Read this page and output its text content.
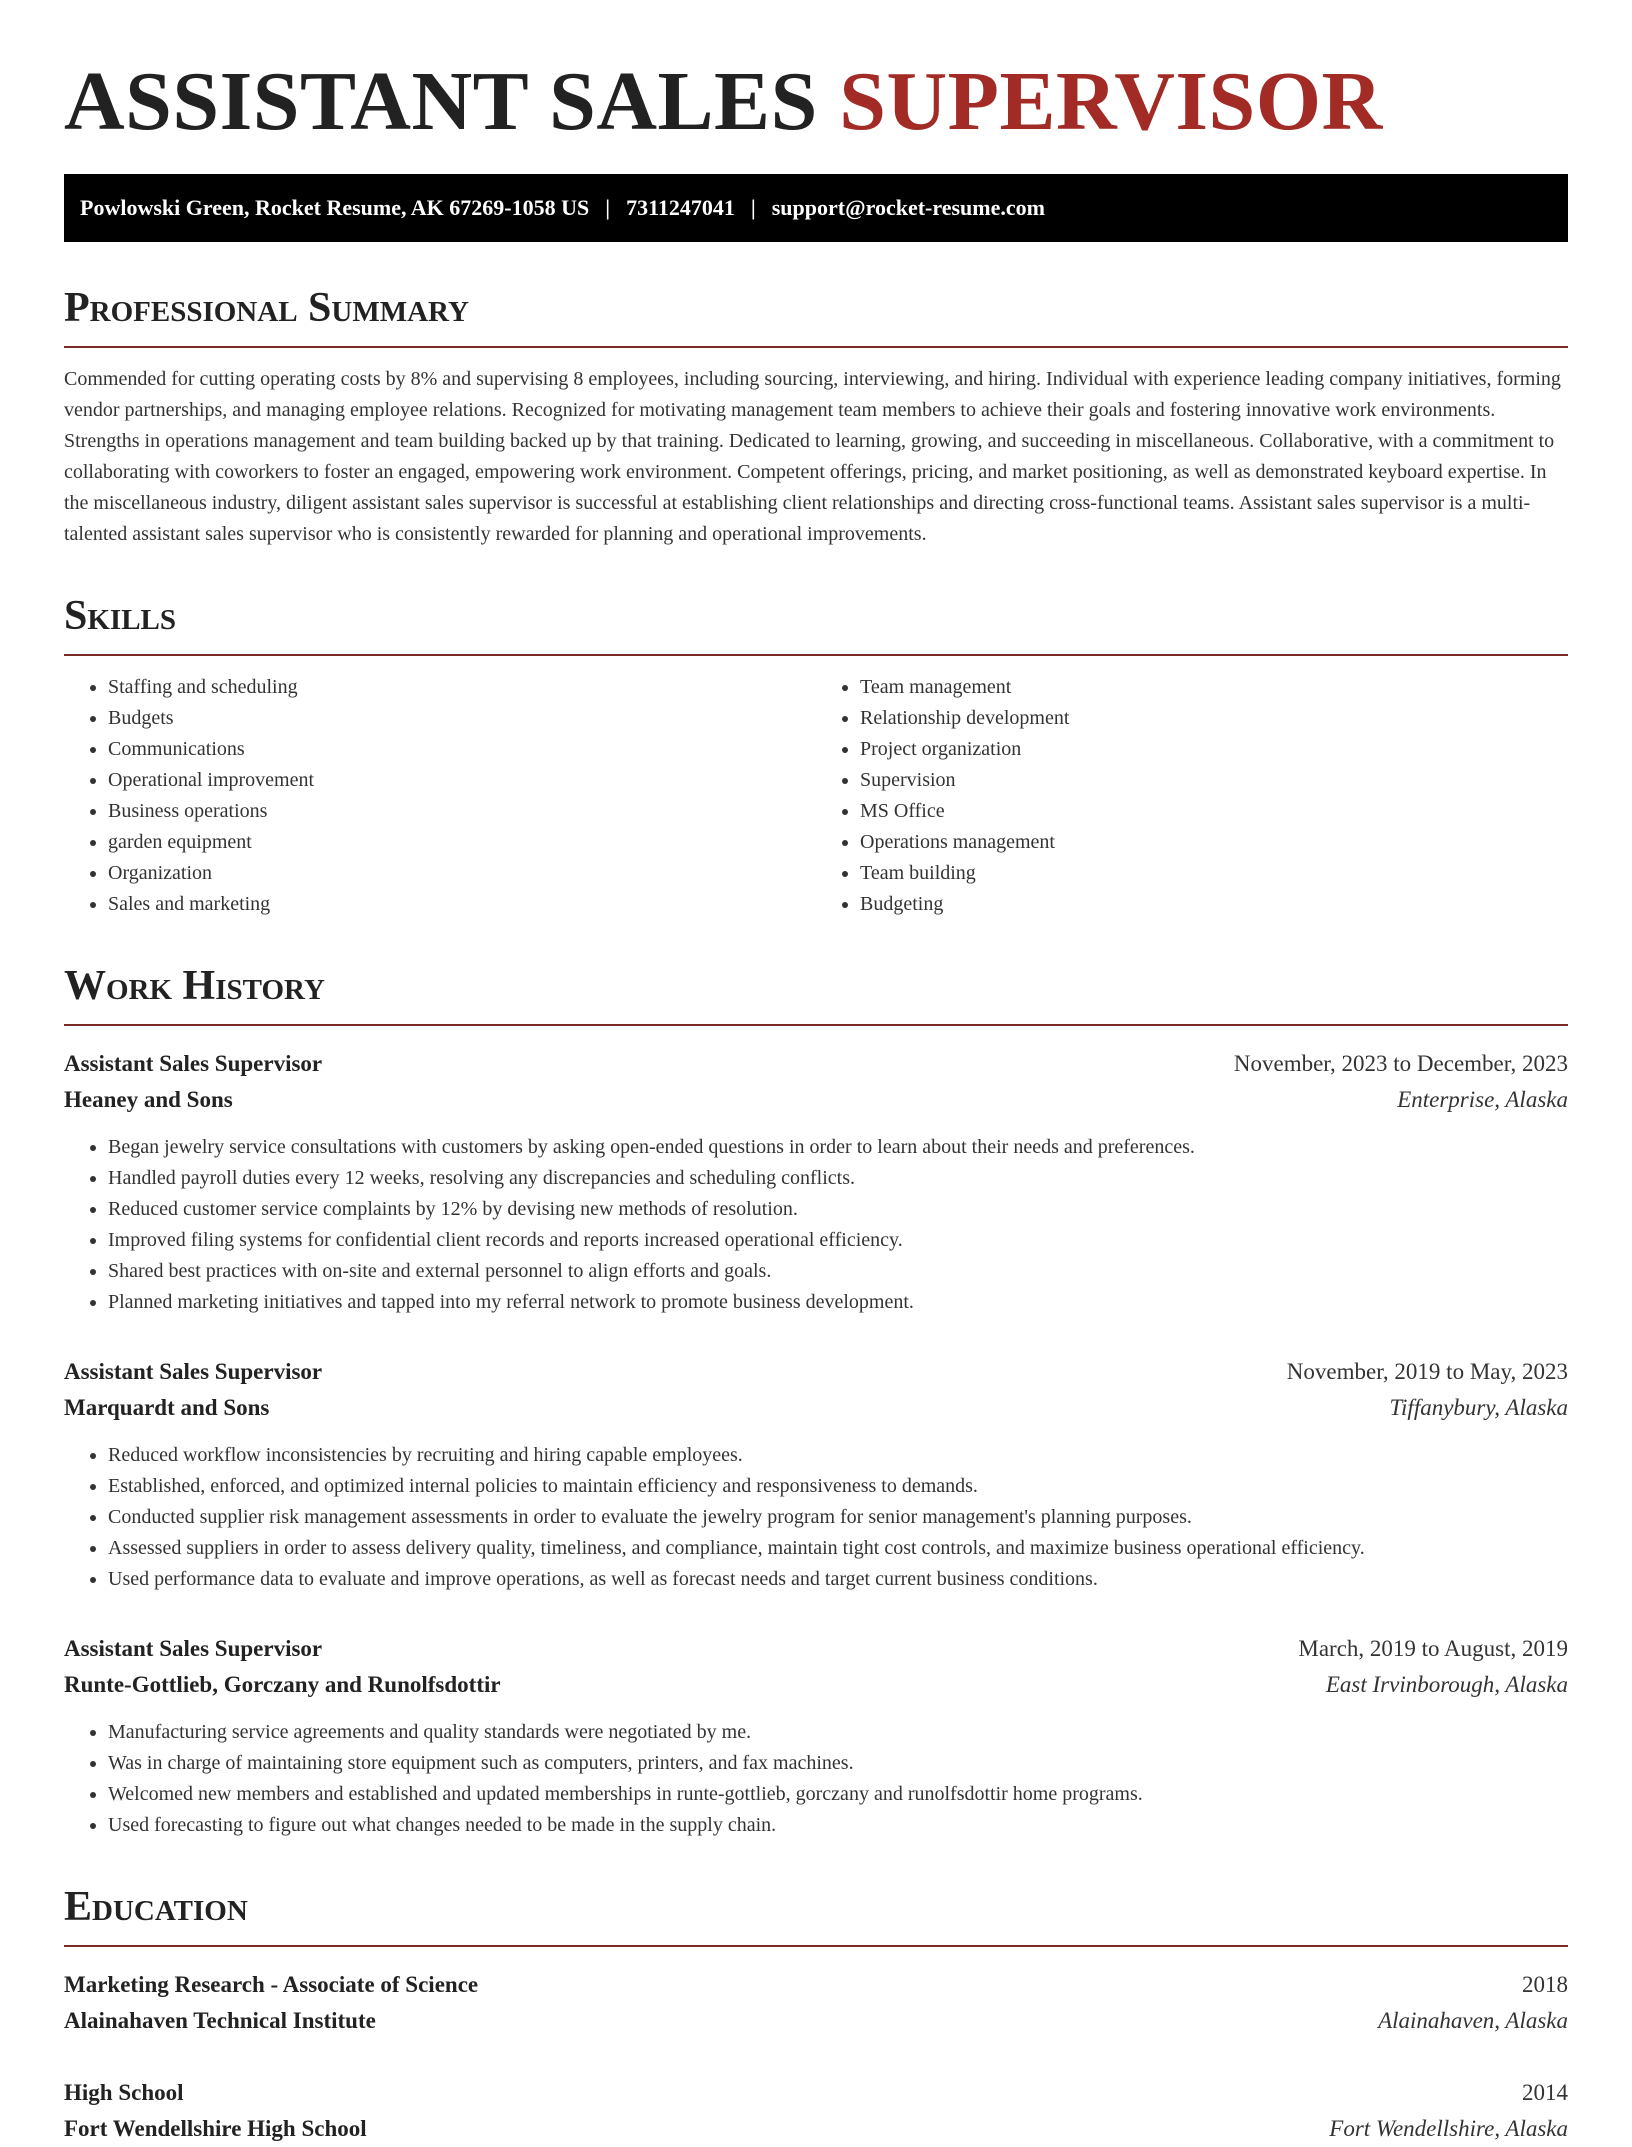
ASSISTANT SALES SUPERVISOR
Powlowski Green, Rocket Resume, AK 67269-1058 US | 7311247041 | support@rocket-resume.com
Professional Summary

Commended for cutting operating costs by 8% and supervising 8 employees, including sourcing, interviewing, and hiring. Individual with experience leading company initiatives, forming vendor partnerships, and managing employee relations. Recognized for motivating management team members to achieve their goals and fostering innovative work environments. Strengths in operations management and team building backed up by that training. Dedicated to learning, growing, and succeeding in miscellaneous. Collaborative, with a commitment to collaborating with coworkers to foster an engaged, empowering work environment. Competent offerings, pricing, and market positioning, as well as demonstrated keyboard expertise. In the miscellaneous industry, diligent assistant sales supervisor is successful at establishing client relationships and directing cross-functional teams. Assistant sales supervisor is a multi-talented assistant sales supervisor who is consistently rewarded for planning and operational improvements.

Skills
• Staffing and scheduling
• Budgets
• Communications
• Operational improvement
• Business operations
• garden equipment
• Organization
• Sales and marketing
• Team management
• Relationship development
• Project organization
• Supervision
• MS Office
• Operations management
• Team building
• Budgeting
Work History
Assistant Sales Supervisor	November, 2023 to December, 2023
Heaney and Sons	Enterprise, Alaska
• Began jewelry service consultations with customers by asking open-ended questions in order to learn about their needs and preferences.
• Handled payroll duties every 12 weeks, resolving any discrepancies and scheduling conflicts.
• Reduced customer service complaints by 12% by devising new methods of resolution.
• Improved filing systems for confidential client records and reports increased operational efficiency.
• Shared best practices with on-site and external personnel to align efforts and goals.
• Planned marketing initiatives and tapped into my referral network to promote business development.
Assistant Sales Supervisor	November, 2019 to May, 2023
Marquardt and Sons	Tiffanybury, Alaska
• Reduced workflow inconsistencies by recruiting and hiring capable employees.
• Established, enforced, and optimized internal policies to maintain efficiency and responsiveness to demands.
• Conducted supplier risk management assessments in order to evaluate the jewelry program for senior management's planning purposes.
• Assessed suppliers in order to assess delivery quality, timeliness, and compliance, maintain tight cost controls, and maximize business operational efficiency.
• Used performance data to evaluate and improve operations, as well as forecast needs and target current business conditions.
Assistant Sales Supervisor	March, 2019 to August, 2019
Runte-Gottlieb, Gorczany and Runolfsdottir	East Irvinborough, Alaska
• Manufacturing service agreements and quality standards were negotiated by me.
• Was in charge of maintaining store equipment such as computers, printers, and fax machines.
• Welcomed new members and established and updated memberships in runte-gottlieb, gorczany and runolfsdottir home programs.
• Used forecasting to figure out what changes needed to be made in the supply chain.
Education
Marketing Research - Associate of Science	2018
Alainahaven Technical Institute	Alainahaven, Alaska
High School	2014
Fort Wendellshire High School	Fort Wendellshire, Alaska
